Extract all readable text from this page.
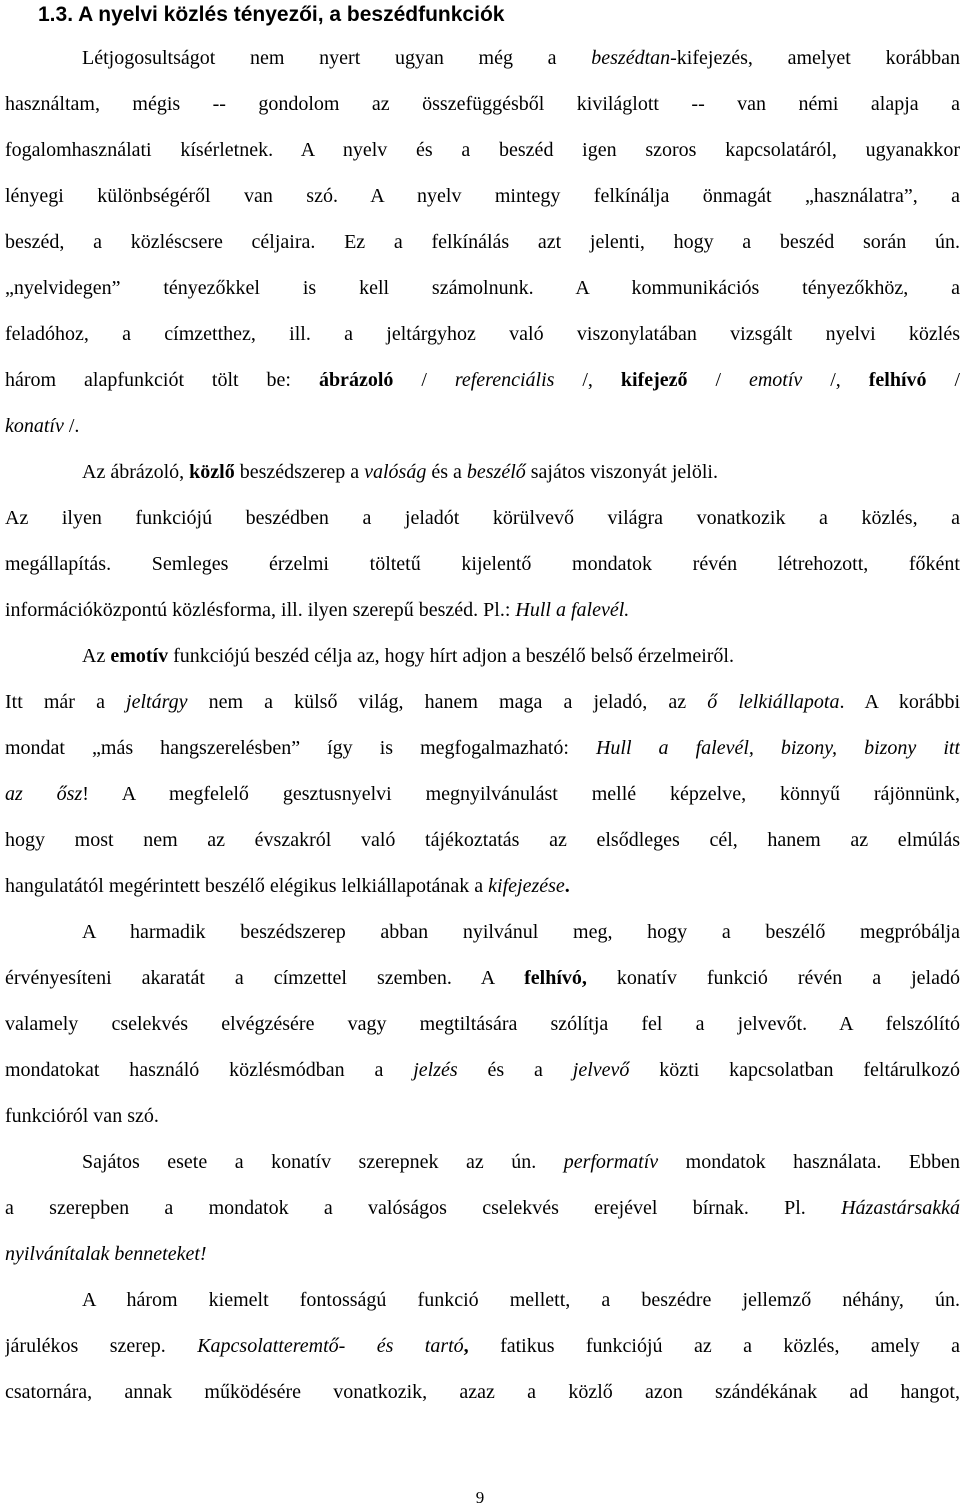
1.3. A nyelvi közlés tényezői, a beszédfunkciók
Létjogosultságot nem nyert ugyan még a beszédtan-kifejezés, amelyet korábban
használtam, mégis -- gondolom az összefüggésből kiviláglott -- van némi alapja a
fogalomhasználati kísérletnek. A nyelv és a beszéd igen szoros kapcsolatáról, ugyanakkor
lényegi különbségéről van szó. A nyelv mintegy felkínálja önmagát „használatra”, a
beszéd, a közléscsere céljaira. Ez a felkínálás azt jelenti, hogy a beszéd során ún.
„nyelvidegen” tényezőkkel is kell számolnunk. A kommunikációs tényezőkhöz, a
feladóhoz, a címzetthez, ill. a jeltárgyhoz való viszonylatában vizsgált nyelvi közlés
három alapfunkciót tölt be: ábrázoló / referenciális /, kifejező / emotív /, felhívó /
konatív /.
Az ábrázoló, közlő beszédszerep a valóság és a beszélő sajátos viszonyát jelöli.
Az ilyen funkciójú beszédben a jeladót körülvevő világra vonatkozik a közlés, a
megállapítás. Semleges érzelmi töltetű kijelentő mondatok révén létrehozott, főként
információközpontú közlésforma, ill. ilyen szerepű beszéd. Pl.: Hull a falevél.
Az emotív funkciójú beszéd célja az, hogy hírt adjon a beszélő belső érzelmeiről.
Itt már a jeltárgy nem a külső világ, hanem maga a jeladó, az ő lelkiállapota. A korábbi
mondat „más hangszerelésben” így is megfogalmazható: Hull a falevél, bizony, bizony itt
az ősz! A megfelelő gesztusnyelvi megnyilvánulást mellé képzelve, könnyű rájönnünk,
hogy most nem az évszakról való tájékoztatás az elsődleges cél, hanem az elmúlás
hangulatától megérintett beszélő elégikus lelkiállapotának a kifejezése.
A harmadik beszédszerep abban nyilvánul meg, hogy a beszélő megpróbálja
érvényesíteni akaratát a címzettel szemben. A felhívó, konatív funkció révén a jeladó
valamely cselekvés elvégzésére vagy megtiltására szólítja fel a jelvevőt. A felszólító
mondatokat használó közlésmódban a jelzés és a jelvevő közti kapcsolatban feltárulkozó
funkcióról van szó.
Sajátos esete a konatív szerepnek az ún. performatív mondatok használata. Ebben
a szerepben a mondatok a valóságos cselekvés erejével bírnak. Pl. Házastársakká
nyilvánítalak benneteket!
A három kiemelt fontosságú funkció mellett, a beszédre jellemző néhány, ún.
járulékos szerep. Kapcsolatteremtő- és tartó, fatikus funkciójú az a közlés, amely a
csatornára, annak működésére vonatkozik, azaz a közlő azon szándékának ad hangot,
9
